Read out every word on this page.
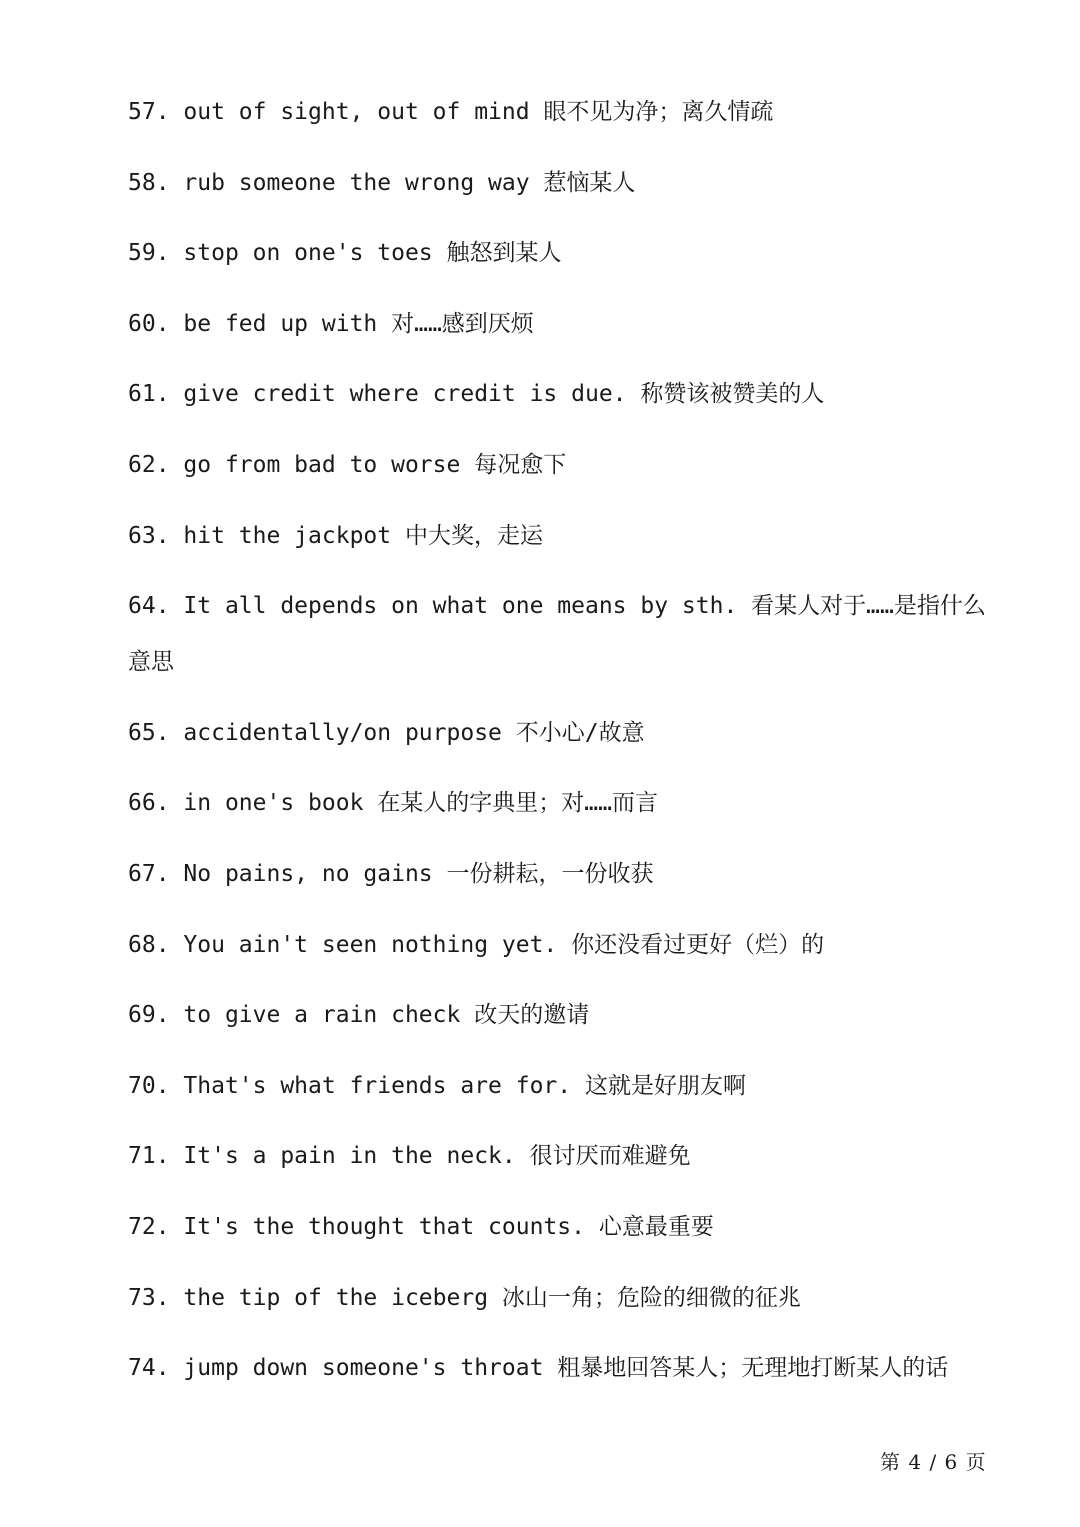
57. out of sight, out of mind 眼不见为净；离久情疏
58. rub someone the wrong way 惹恼某人
59. stop on one's toes 触怒到某人
60. be fed up with 对……感到厌烦
61. give credit where credit is due. 称赞该被赞美的人
62. go from bad to worse 每况愈下
63. hit the jackpot 中大奖，走运
64. It all depends on what one means by sth. 看某人对于……是指什么意思
65. accidentally/on purpose 不小心/故意
66. in one's book 在某人的字典里；对……而言
67. No pains, no gains 一份耕耘，一份收获
68. You ain't seen nothing yet. 你还没看过更好（烂）的
69. to give a rain check 改天的邀请
70. That's what friends are for. 这就是好朋友啊
71. It's a pain in the neck. 很讨厌而难避免
72. It's the thought that counts. 心意最重要
73. the tip of the iceberg 冰山一角；危险的细微的征兆
74. jump down someone's throat 粗暴地回答某人；无理地打断某人的话
第 4 / 6 页
